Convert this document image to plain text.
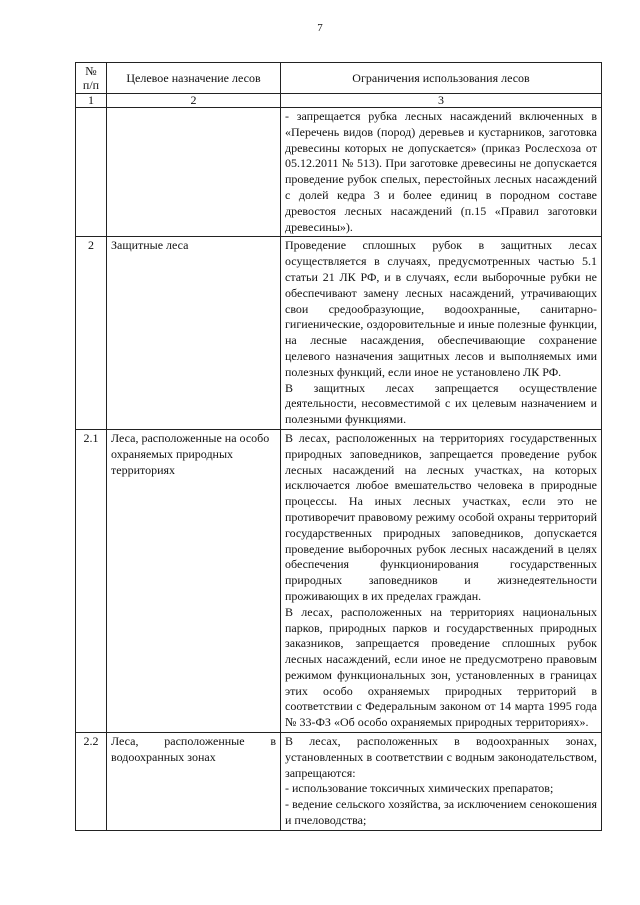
7
№ п/п	Целевое назначение лесов	Ограничения использования лесов
1	2	3

		- запрещается рубка лесных насаждений включенных в «Перечень видов (пород) деревьев и кустарников, заготовка древесины которых не допускается» (приказ Рослесхоза от 05.12.2011 № 513). При заготовке древесины не допускается проведение рубок спелых, перестойных лесных насаждений с долей кедра 3 и более единиц в породном составе древостоя лесных насаждений (п.15 «Правил заготовки древесины»).

2	Защитные леса	Проведение сплошных рубок в защитных лесах осуществляется в случаях, предусмотренных частью 5.1 статьи 21 ЛК РФ, и в случаях, если выборочные рубки не обеспечивают замену лесных насаждений, утрачивающих свои средообразующие, водоохранные, санитарно-гигиенические, оздоровительные и иные полезные функции, на лесные насаждения, обеспечивающие сохранение целевого назначения защитных лесов и выполняемых ими полезных функций, если иное не установлено ЛК РФ.

В защитных лесах запрещается осуществление деятельности, несовместимой с их целевым назначением и полезными функциями.

2.1	Леса, расположенные на особо охраняемых природных территориях	В лесах, расположенных на территориях государственных природных заповедников, запрещается проведение рубок лесных насаждений на лесных участках, на которых исключается любое вмешательство человека в природные процессы. На иных лесных участках, если это не противоречит правовому режиму особой охраны территорий государственных природных заповедников, допускается проведение выборочных рубок лесных насаждений в целях обеспечения функционирования государственных природных заповедников и жизнедеятельности проживающих в их пределах граждан.

В лесах, расположенных на территориях национальных парков, природных парков и государственных природных заказников, запрещается проведение сплошных рубок лесных насаждений, если иное не предусмотрено правовым режимом функциональных зон, установленных в границах этих особо охраняемых природных территорий в соответствии с Федеральным законом от 14 марта 1995 года № 33-ФЗ «Об особо охраняемых природных территориях».

2.2	Леса, расположенные в водоохранных зонах	В лесах, расположенных в водоохранных зонах, установленных в соответствии с водным законодательством, запрещаются:

- использование токсичных химических препаратов;

- ведение сельского хозяйства, за исключением сенокошения и пчеловодства;
